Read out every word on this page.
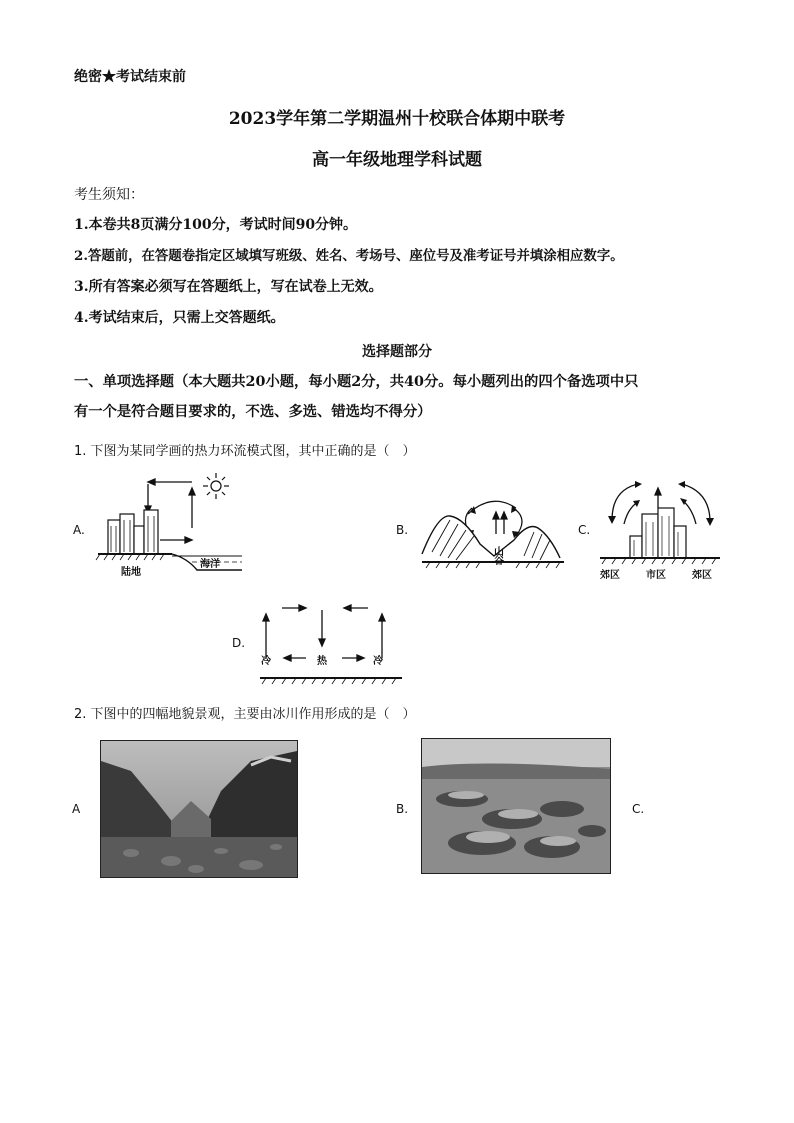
绝密★考试结束前
2023学年第二学期温州十校联合体期中联考
高一年级地理学科试题
考生须知：
1.本卷共8页满分100分，考试时间90分钟。
2.答题前，在答题卷指定区域填写班级、姓名、考场号、座位号及准考证号并填涂相应数字。
3.所有答案必须写在答题纸上，写在试卷上无效。
4.考试结束后，只需上交答题纸。
选择题部分
一、单项选择题（本大题共20小题，每小题2分，共40分。每小题列出的四个备选项中只
有一个是符合题目要求的，不选、多选、错选均不得分）
1. 下图为某同学画的热力环流模式图，其中正确的是（　）
A.
陆地
海洋
B.
山谷
C.
郊区	市区	郊区
D.
冷	热	冷
2. 下图中的四幅地貌景观，主要由冰川作用形成的是（　）
A	B.	C.
